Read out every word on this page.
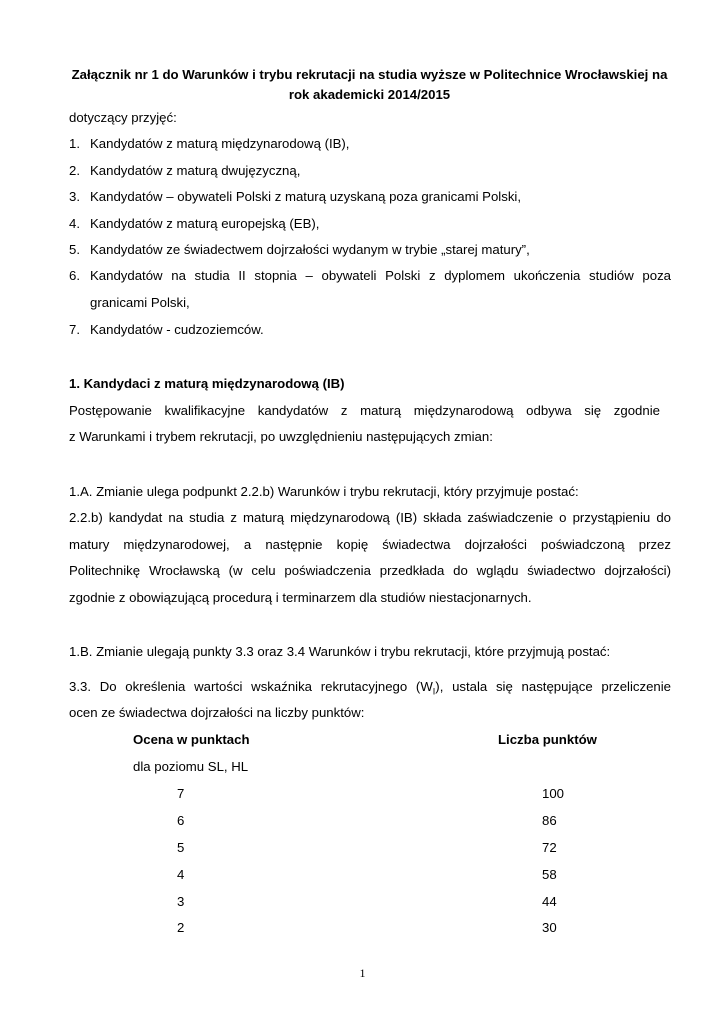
Załącznik nr 1 do Warunków i trybu rekrutacji na studia wyższe w Politechnice Wrocławskiej na
rok akademicki 2014/2015
dotyczący przyjęć:
1. Kandydatów z maturą międzynarodową (IB),
2. Kandydatów z maturą dwujęzyczną,
3. Kandydatów – obywateli Polski z maturą uzyskaną poza granicami Polski,
4. Kandydatów z maturą europejską (EB),
5. Kandydatów ze świadectwem dojrzałości wydanym w trybie „starej matury”,
6. Kandydatów na studia II stopnia – obywateli Polski z dyplomem ukończenia studiów poza
granicami Polski,
7. Kandydatów - cudzoziemców.
1. Kandydaci z maturą międzynarodową (IB)
Postępowanie kwalifikacyjne kandydatów z maturą międzynarodową odbywa się zgodnie
z Warunkami i trybem rekrutacji, po uwzględnieniu następujących zmian:
1.A. Zmianie ulega podpunkt 2.2.b) Warunków i trybu rekrutacji, który przyjmuje postać:
2.2.b) kandydat na studia z maturą międzynarodową (IB) składa zaświadczenie o przystąpieniu do
matury międzynarodowej, a następnie kopię świadectwa dojrzałości poświadczoną przez
Politechnikę Wrocławską (w celu poświadczenia przedkłada do wglądu świadectwo dojrzałości)
zgodnie z obowiązującą procedurą i terminarzem dla studiów niestacjonarnych.
1.B. Zmianie ulegają punkty 3.3 oraz 3.4 Warunków i trybu rekrutacji, które przyjmują postać:
3.3. Do określenia wartości wskaźnika rekrutacyjnego $(W_I)$, ustala się następujące przeliczenie
ocen ze świadectwa dojrzałości na liczby punktów:
Ocena w punktach	Liczba punktów
dla poziomu SL, HL
7	100
6	86
5	72
4	58
3	44
2	30
1
